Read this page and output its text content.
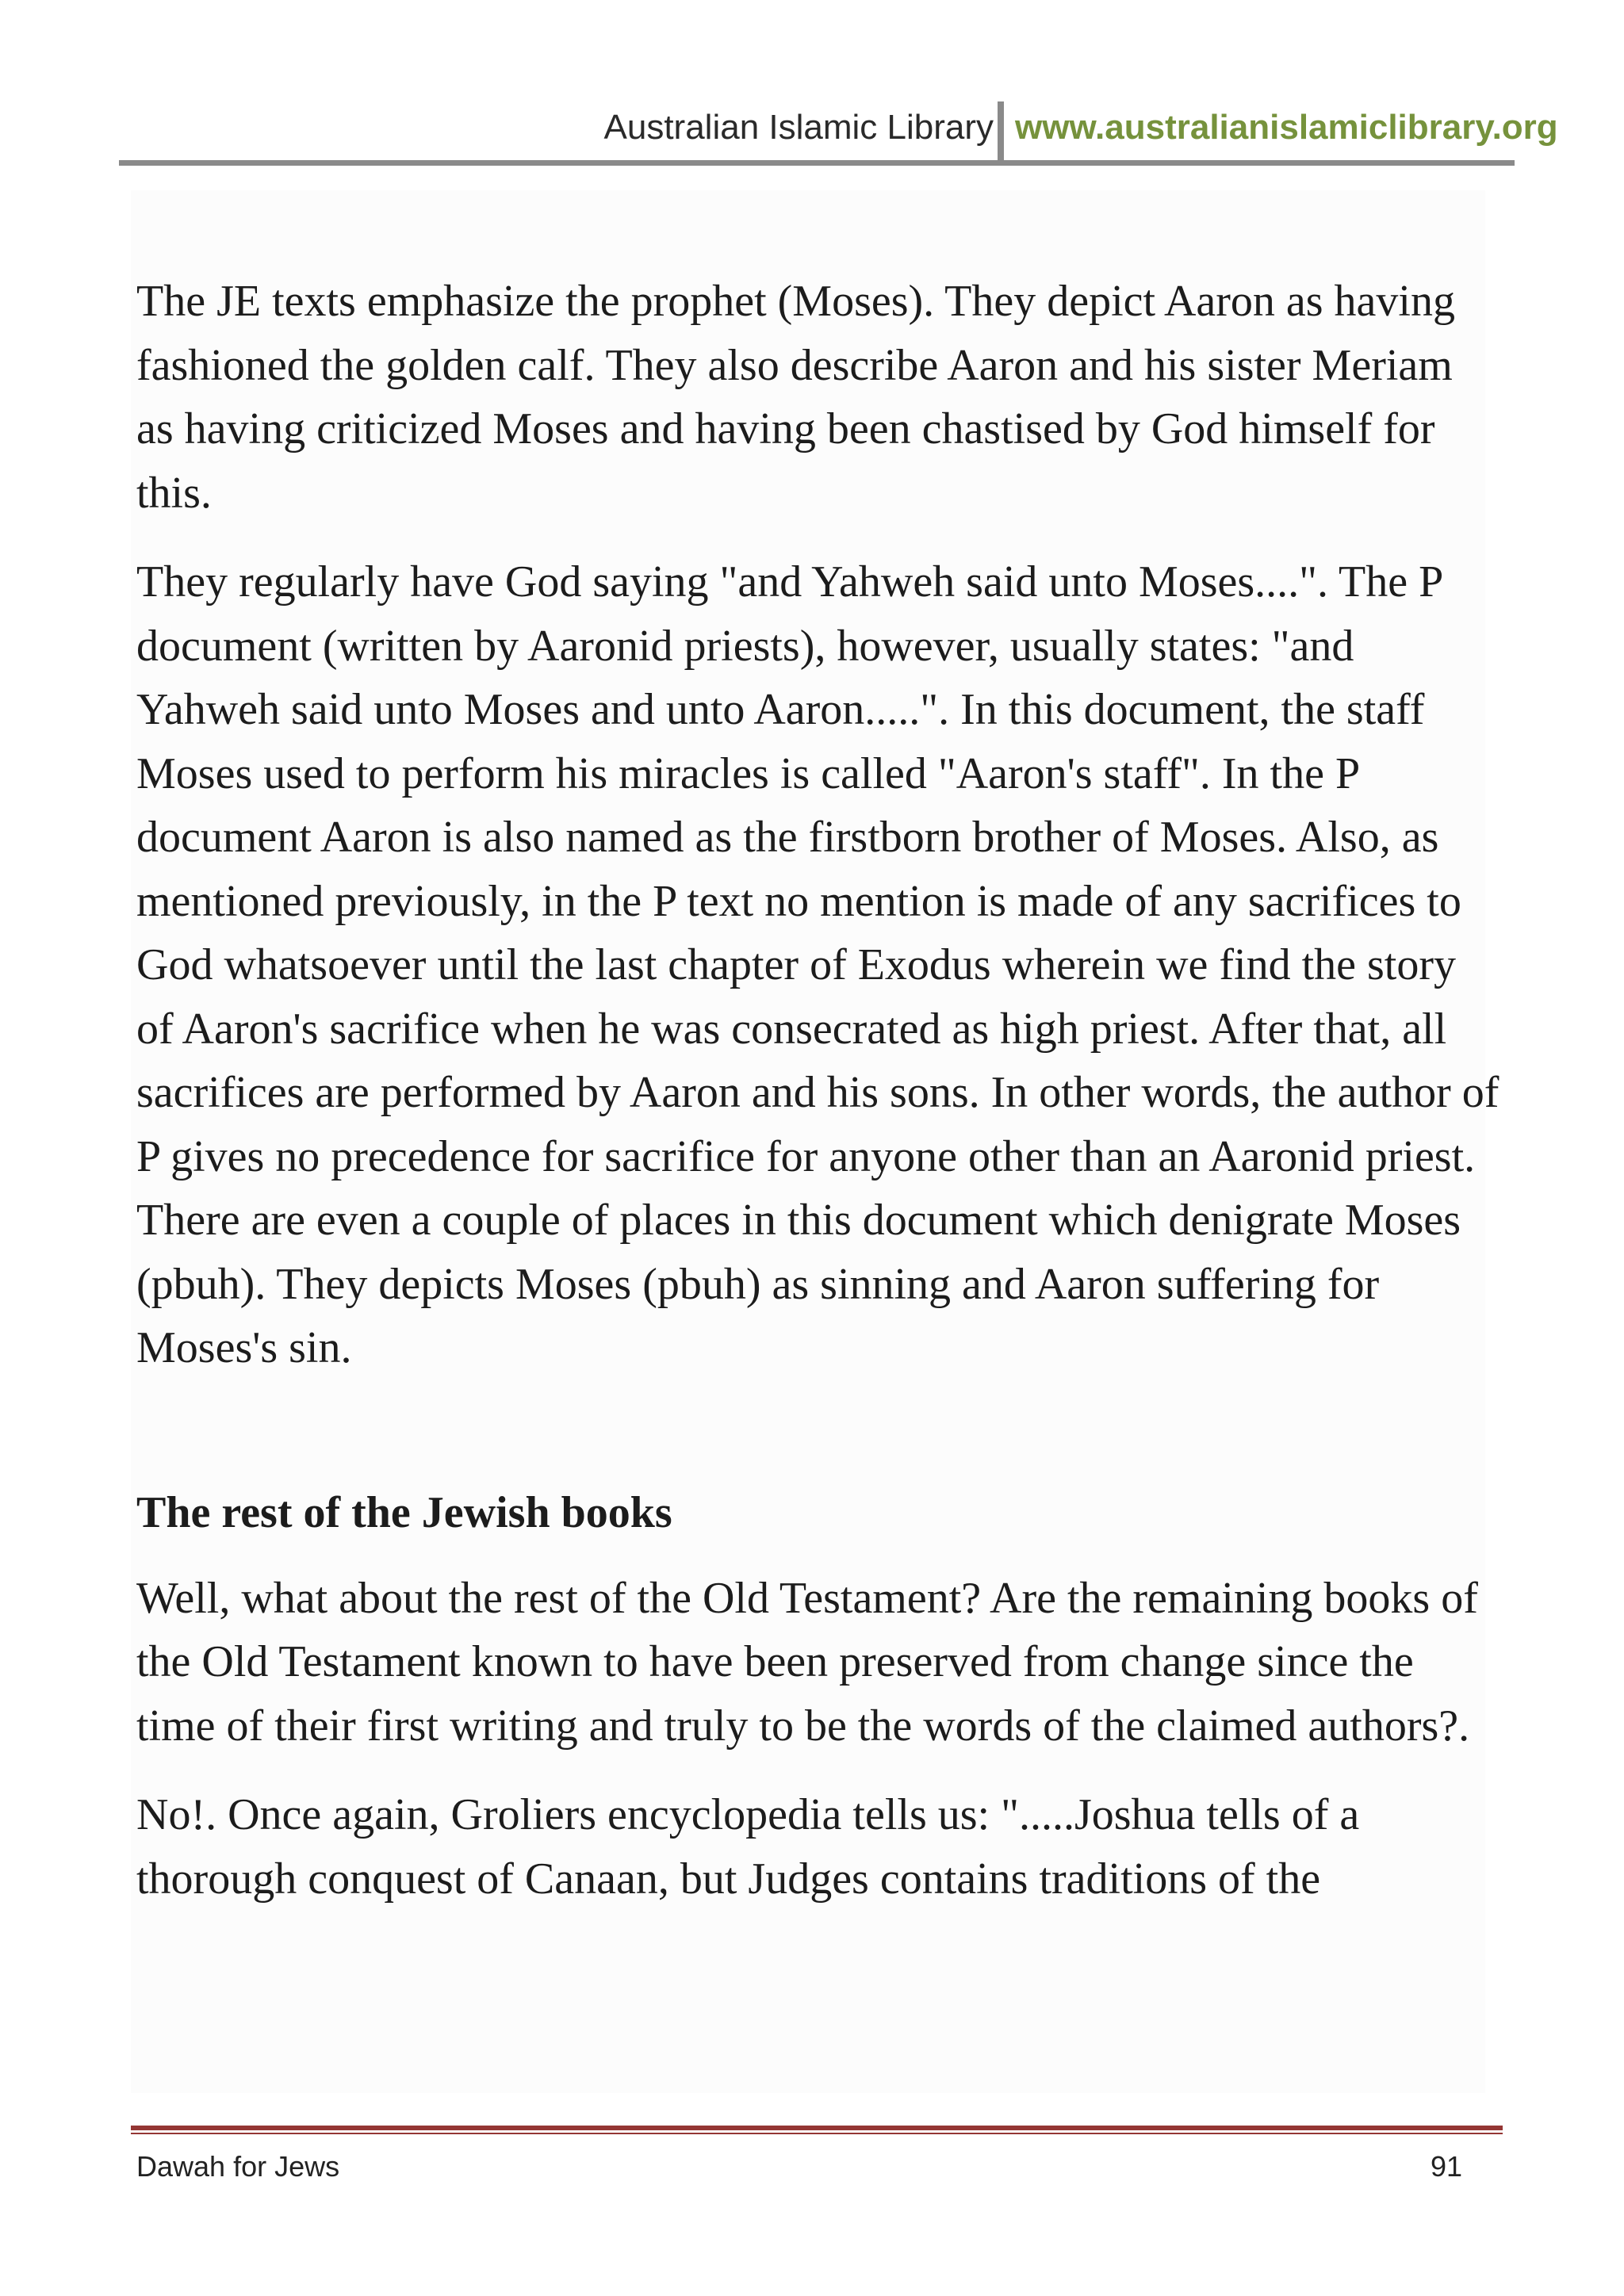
Australian Islamic Library www.australianislamiclibrary.org

The JE texts emphasize the prophet (Moses). They depict Aaron as having fashioned the golden calf. They also describe Aaron and his sister Meriam as having criticized Moses and having been chastised by God himself for this.

They regularly have God saying "and Yahweh said unto Moses....". The P document (written by Aaronid priests), however, usually states: "and Yahweh said unto Moses and unto Aaron.....". In this document, the staff Moses used to perform his miracles is called "Aaron's staff". In the P document Aaron is also named as the firstborn brother of Moses. Also, as mentioned previously, in the P text no mention is made of any sacrifices to God whatsoever until the last chapter of Exodus wherein we find the story of Aaron's sacrifice when he was consecrated as high priest. After that, all sacrifices are performed by Aaron and his sons. In other words, the author of P gives no precedence for sacrifice for anyone other than an Aaronid priest. There are even a couple of places in this document which denigrate Moses (pbuh). They depicts Moses (pbuh) as sinning and Aaron suffering for Moses's sin.

The rest of the Jewish books

Well, what about the rest of the Old Testament? Are the remaining books of the Old Testament known to have been preserved from change since the time of their first writing and truly to be the words of the claimed authors?.

No!. Once again, Groliers encyclopedia tells us: ".....Joshua tells of a thorough conquest of Canaan, but Judges contains traditions of the

Dawah for Jews	91
